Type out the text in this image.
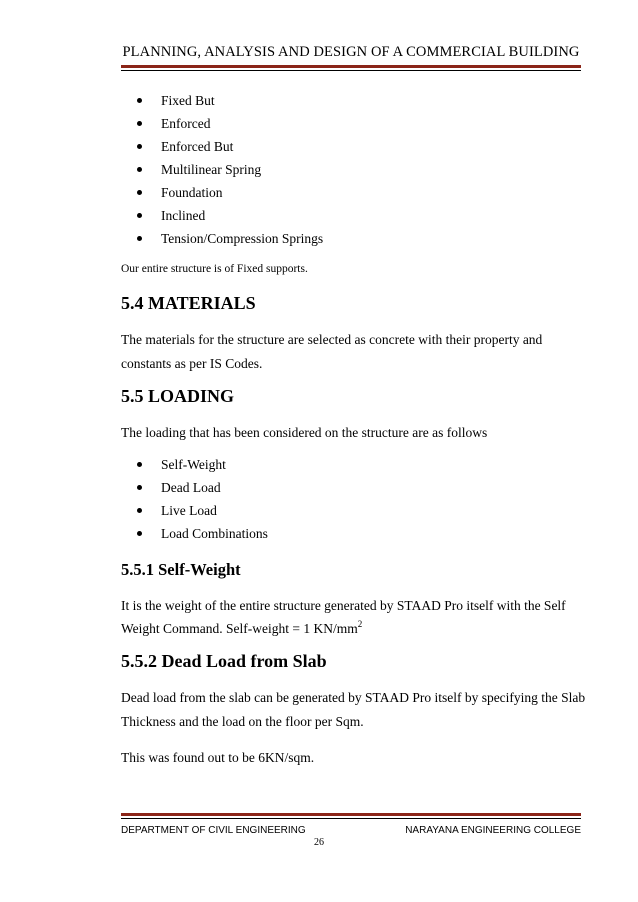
PLANNING, ANALYSIS AND DESIGN OF A COMMERCIAL BUILDING
Fixed But
Enforced
Enforced But
Multilinear Spring
Foundation
Inclined
Tension/Compression Springs
Our entire structure is of Fixed supports.
5.4 MATERIALS
The materials for the structure are selected as concrete with their property and
constants as per IS Codes.
5.5 LOADING
The loading that has been considered on the structure are as follows
Self-Weight
Dead Load
Live Load
Load Combinations
5.5.1 Self-Weight
It is the weight of the entire structure generated by STAAD Pro itself with the Self
Weight Command. Self-weight = 1 $KN/mm^2$
5.5.2 Dead Load from Slab
Dead load from the slab can be generated by STAAD Pro itself by specifying the Slab
Thickness and the load on the floor per Sqm.
This was found out to be 6KN/sqm.
DEPARTMENT OF CIVIL ENGINEERING	NARAYANA ENGINEERING COLLEGE
26
